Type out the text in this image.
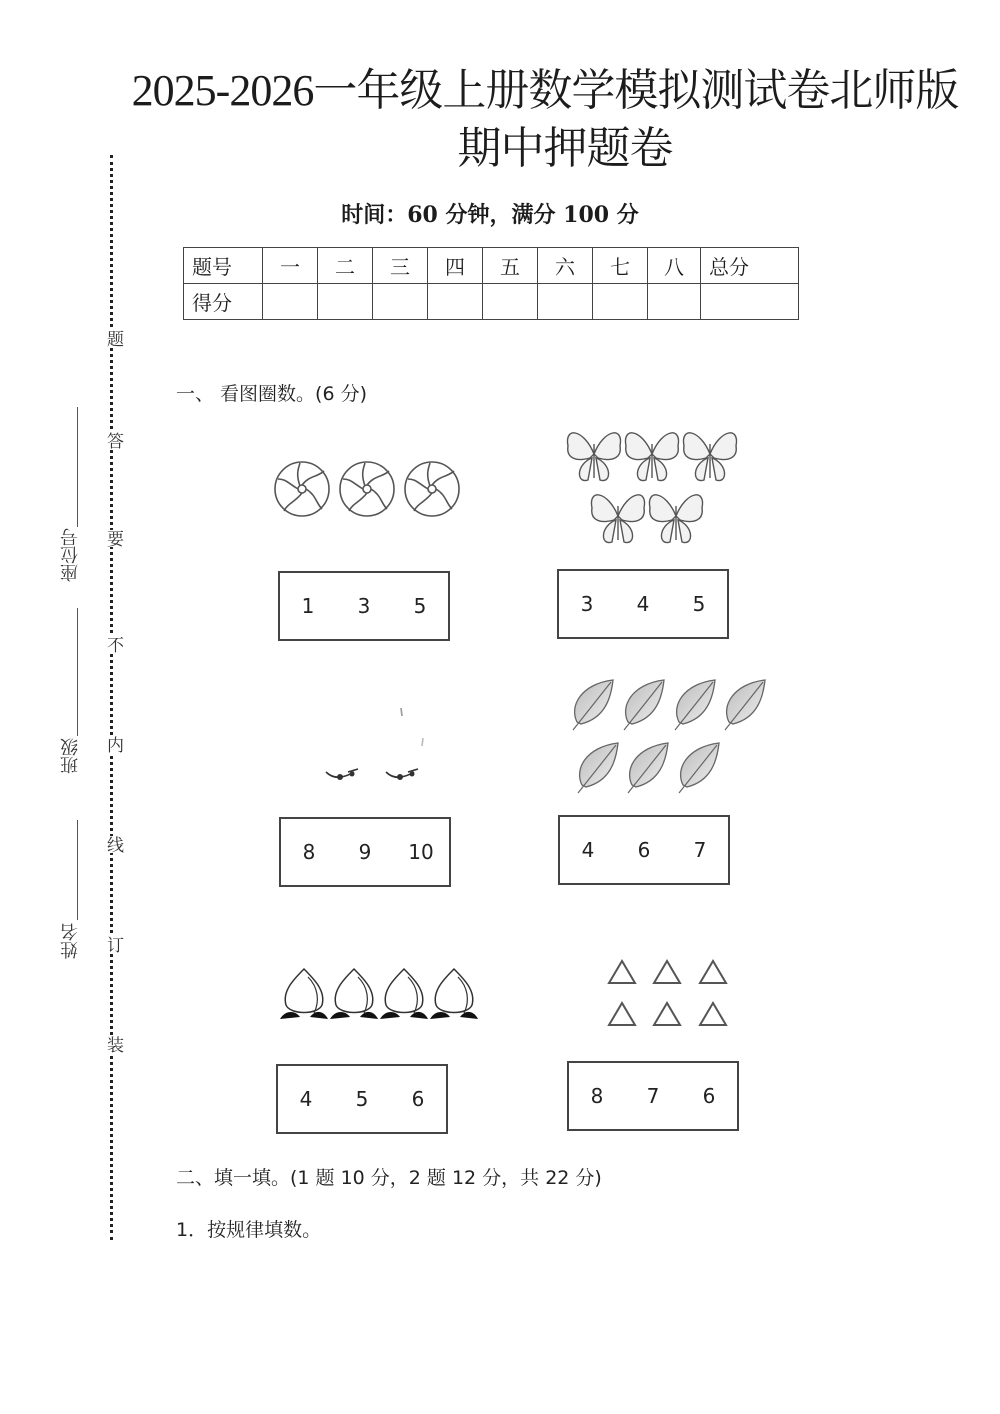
2025-2026一年级上册数学模拟测试卷北师版
期中押题卷
时间：60 分钟，满分 100 分
题号	一	二	三	四	五	六	七	八	总分
得分									
题
答
要
不
内
线
订
装
座位号
班级
姓名
一、 看图圈数。(6 分)
1	3	5	3	4	5
8	9	10	4	6	7
4	5	6	8	7	6
二、填一填。(1 题 10 分，2 题 12 分，共 22 分)
1．按规律填数。
